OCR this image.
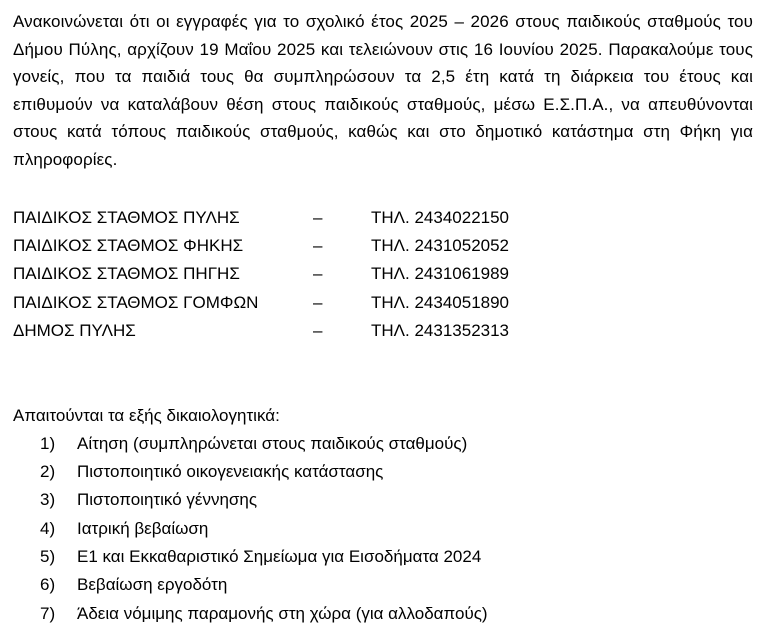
Ανακοινώνεται ότι οι εγγραφές για το σχολικό έτος 2025 – 2026 στους παιδικούς σταθμούς του Δήμου Πύλης, αρχίζουν 19 Μαΐου 2025 και τελειώνουν στις 16 Ιουνίου 2025. Παρακαλούμε τους γονείς, που τα παιδιά τους θα συμπληρώσουν τα 2,5 έτη κατά τη διάρκεια του έτους και επιθυμούν να καταλάβουν θέση στους παιδικούς σταθμούς, μέσω Ε.Σ.Π.Α., να απευθύνονται στους κατά τόπους παιδικούς σταθμούς, καθώς και στο δημοτικό κατάστημα στη Φήκη για πληροφορίες.

ΠΑΙΔΙΚΟΣ ΣΤΑΘΜΟΣ ΠΥΛΗΣ	–	ΤΗΛ. 2434022150
ΠΑΙΔΙΚΟΣ ΣΤΑΘΜΟΣ ΦΗΚΗΣ	–	ΤΗΛ. 2431052052
ΠΑΙΔΙΚΟΣ ΣΤΑΘΜΟΣ ΠΗΓΗΣ	–	ΤΗΛ. 2431061989
ΠΑΙΔΙΚΟΣ ΣΤΑΘΜΟΣ ΓΟΜΦΩΝ	–	ΤΗΛ. 2434051890
ΔΗΜΟΣ ΠΥΛΗΣ	–	ΤΗΛ. 2431352313
Απαιτούνται τα εξής δικαιολογητικά:
1)	Αίτηση (συμπληρώνεται στους παιδικούς σταθμούς)
2)	Πιστοποιητικό οικογενειακής κατάστασης
3)	Πιστοποιητικό γέννησης
4)	Ιατρική βεβαίωση
5)	Ε1 και Εκκαθαριστικό Σημείωμα για Εισοδήματα 2024
6)	Βεβαίωση εργοδότη
7)	Άδεια νόμιμης παραμονής στη χώρα (για αλλοδαπούς)
